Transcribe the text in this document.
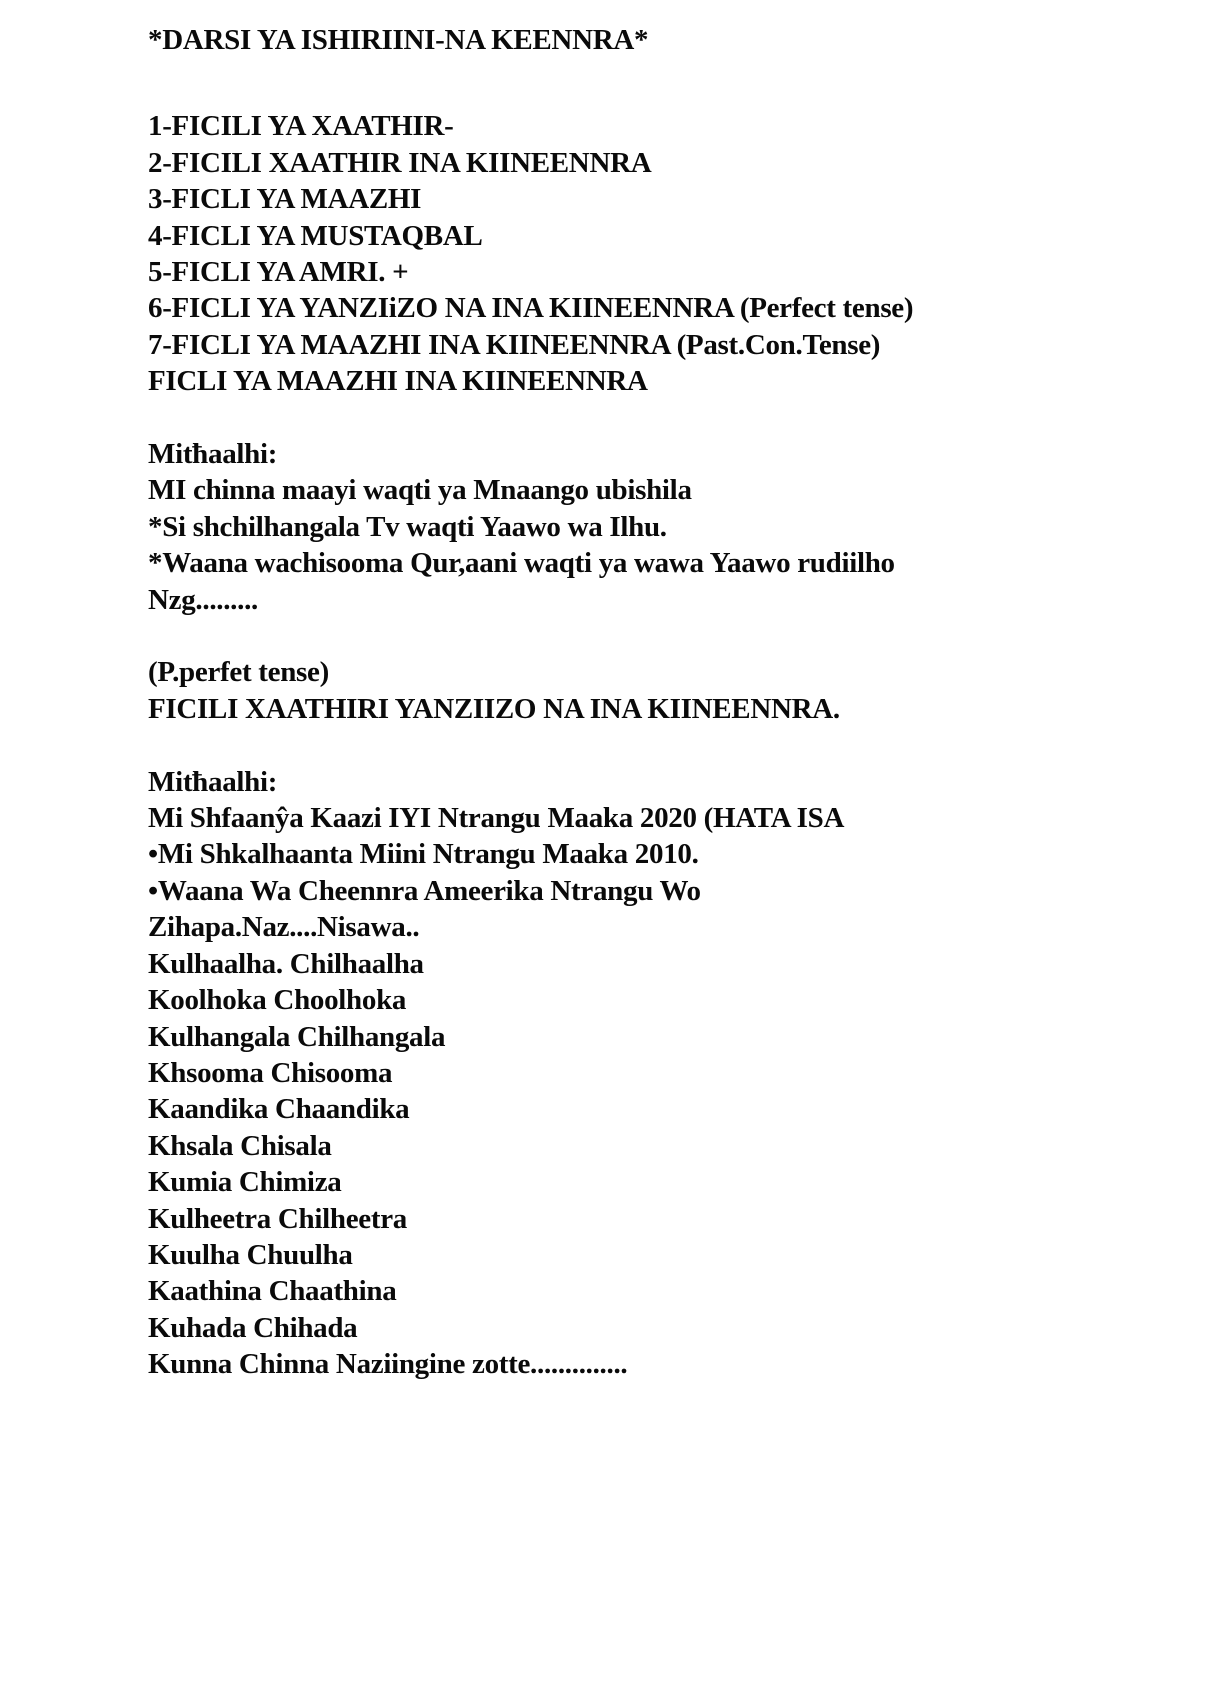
*DARSI YA ISHIRIINI-NA KEENNRA*
1-FICILI YA XAATHIR-
2-FICILI XAATHIR INA KIINEENNRA
3-FICLI YA MAAZHI
4-FICLI YA MUSTAQBAL
5-FICLI YA AMRI. +
6-FICLI YA YANZIiZO NA INA KIINEENNRA (Perfect tense)
7-FICLI YA MAAZHI INA KIINEENNRA (Past.Con.Tense)
FICLI YA MAAZHI INA KIINEENNRA
Mitħaalhi:
MI chinna maayi waqti ya Mnaango ubishila
*Si shchilhangala Tv waqti Yaawo wa Ilhu.
*Waana wachisooma Qur,aani waqti ya wawa Yaawo rudiilho
Nzg.........
(P.perfet tense)
FICILI XAATHIRI YANZIIZO NA INA KIINEENNRA.
Mitħaalhi:
Mi Shfaanŷa Kaazi IYI Ntrangu Maaka 2020 (HATA ISA
•Mi Shkalhaanta Miini Ntrangu Maaka 2010.
•Waana Wa Cheennra Ameerika Ntrangu Wo
Zihapa.Naz....Nisawa..
Kulhaalha. Chilhaalha
Koolhoka Choolhoka
Kulhangala Chilhangala
Khsooma Chisooma
Kaandika Chaandika
Khsala Chisala
Kumia Chimiza
Kulheetra Chilheetra
Kuulha Chuulha
Kaathina Chaathina
Kuhada Chihada
Kunna Chinna Naziingine zotte..............
